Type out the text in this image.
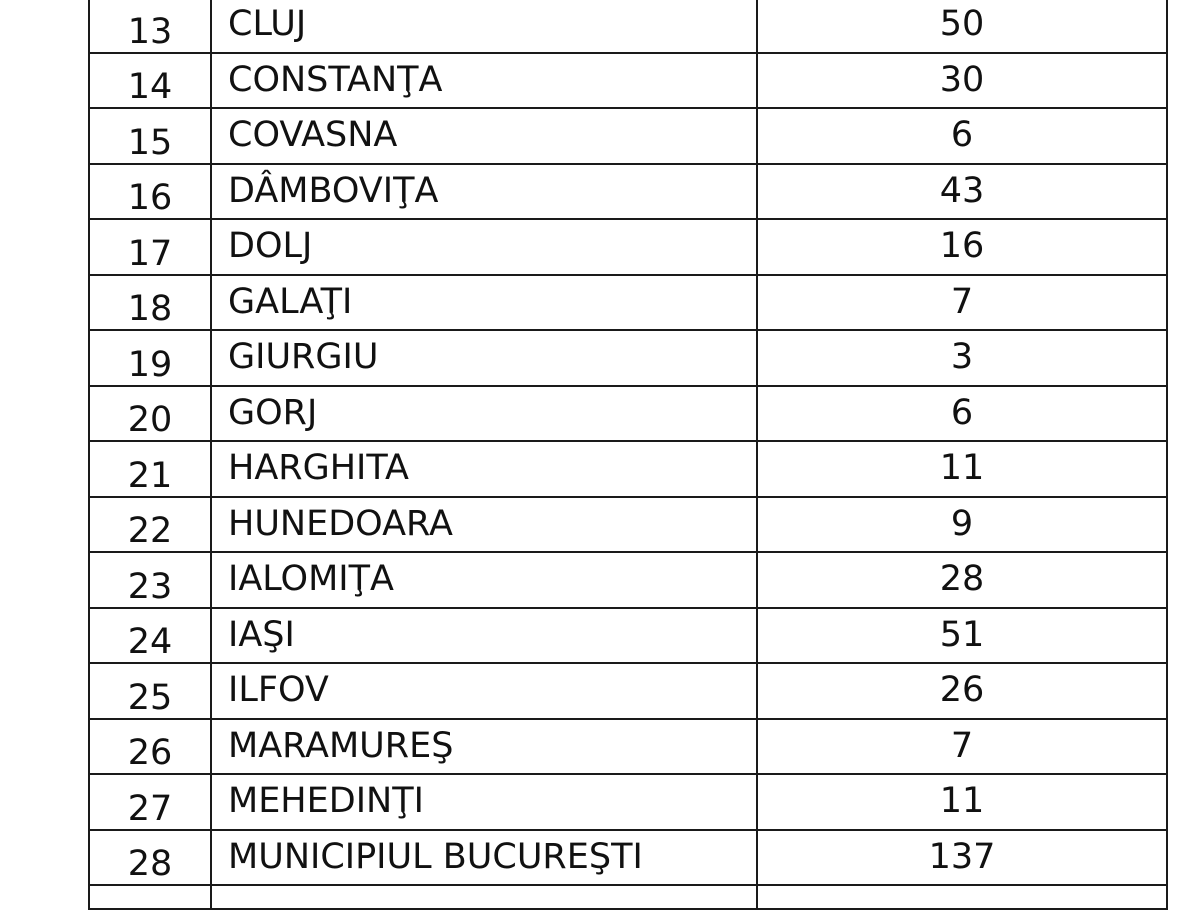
13	CLUJ	50
14	CONSTANŢA	30
15	COVASNA	6
16	DÂMBOVIŢA	43
17	DOLJ	16
18	GALAŢI	7
19	GIURGIU	3
20	GORJ	6
21	HARGHITA	11
22	HUNEDOARA	9
23	IALOMIŢA	28
24	IAŞI	51
25	ILFOV	26
26	MARAMUREŞ	7
27	MEHEDINŢI	11
28	MUNICIPIUL BUCUREŞTI	137
